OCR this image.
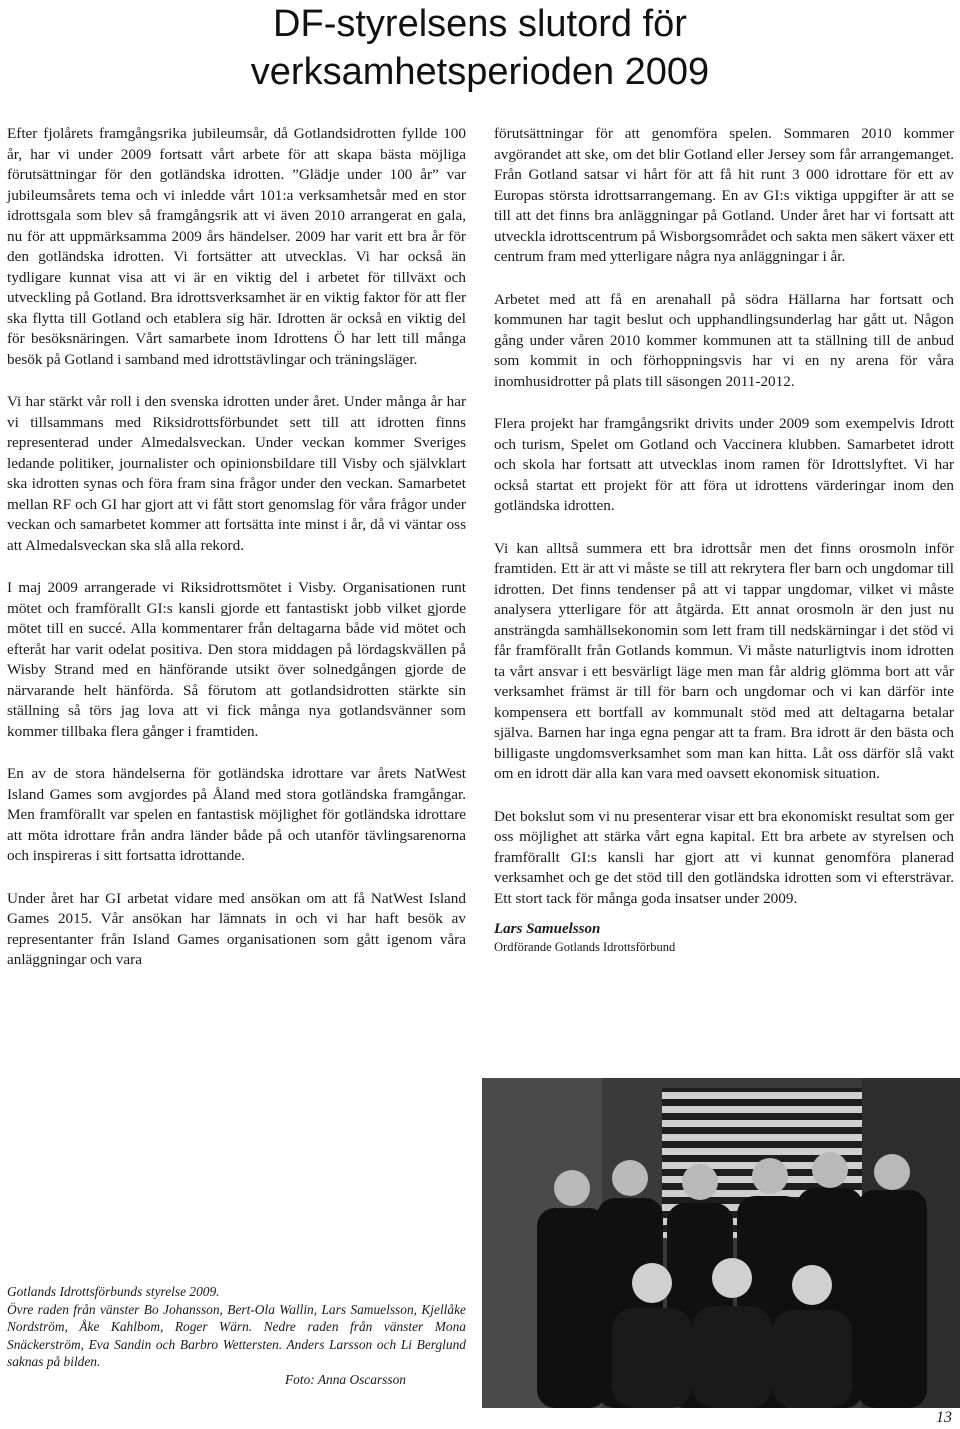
DF-styrelsens slutord för
verksamhetsperioden 2009

Efter fjolårets framgångsrika jubileumsår, då Gotlandsidrotten fyllde 100 år, har vi under 2009 fortsatt vårt arbete för att skapa bästa möjliga förutsättningar för den gotländska idrotten. ”Glädje under 100 år” var jubileumsårets tema och vi inledde vårt 101:a verksamhetsår med en stor idrottsgala som blev så framgångsrik att vi även 2010 arrangerat en gala, nu för att uppmärksamma 2009 års händelser. 2009 har varit ett bra år för den gotländska idrotten. Vi fortsätter att utvecklas. Vi har också än tydligare kunnat visa att vi är en viktig del i arbetet för tillväxt och utveckling på Gotland. Bra idrottsverksamhet är en viktig faktor för att fler ska flytta till Gotland och etablera sig här. Idrotten är också en viktig del för besöksnäringen. Vårt samarbete inom Idrottens Ö har lett till många besök på Gotland i samband med idrottstävlingar och träningsläger.

Vi har stärkt vår roll i den svenska idrotten under året. Under många år har vi tillsammans med Riksidrottsförbundet sett till att idrotten finns representerad under Almedalsveckan. Under veckan kommer Sveriges ledande politiker, journalister och opinionsbildare till Visby och självklart ska idrotten synas och föra fram sina frågor under den veckan. Samarbetet mellan RF och GI har gjort att vi fått stort genomslag för våra frågor under veckan och samarbetet kommer att fortsätta inte minst i år, då vi väntar oss att Almedalsveckan ska slå alla rekord.

I maj 2009 arrangerade vi Riksidrottsmötet i Visby. Organisationen runt mötet och framförallt GI:s kansli gjorde ett fantastiskt jobb vilket gjorde mötet till en succé. Alla kommentarer från deltagarna både vid mötet och efteråt har varit odelat positiva. Den stora middagen på lördagskvällen på Wisby Strand med en hänförande utsikt över solnedgången gjorde de närvarande helt hänförda. Så förutom att gotlandsidrotten stärkte sin ställning så törs jag lova att vi fick många nya gotlandsvänner som kommer tillbaka flera gånger i framtiden.

En av de stora händelserna för gotländska idrottare var årets NatWest Island Games som avgjordes på Åland med stora gotländska framgångar. Men framförallt var spelen en fantastisk möjlighet för gotländska idrottare att möta idrottare från andra länder både på och utanför tävlingsarenorna och inspireras i sitt fortsatta idrottande.

Under året har GI arbetat vidare med ansökan om att få NatWest Island Games 2015. Vår ansökan har lämnats in och vi har haft besök av representanter från Island Games organisationen som gått igenom våra anläggningar och vara

förutsättningar för att genomföra spelen. Sommaren 2010 kommer avgörandet att ske, om det blir Gotland eller Jersey som får arrangemanget. Från Gotland satsar vi hårt för att få hit runt 3 000 idrottare för ett av Europas största idrottsarrangemang. En av GI:s viktiga uppgifter är att se till att det finns bra anläggningar på Gotland. Under året har vi fortsatt att utveckla idrottscentrum på Wisborgsområdet och sakta men säkert växer ett centrum fram med ytterligare några nya anläggningar i år.

Arbetet med att få en arenahall på södra Hällarna har fortsatt och kommunen har tagit beslut och upphandlingsunderlag har gått ut. Någon gång under våren 2010 kommer kommunen att ta ställning till de anbud som kommit in och förhoppningsvis har vi en ny arena för våra inomhusidrotter på plats till säsongen 2011-2012.

Flera projekt har framgångsrikt drivits under 2009 som exempelvis Idrott och turism, Spelet om Gotland och Vaccinera klubben. Samarbetet idrott och skola har fortsatt att utvecklas inom ramen för Idrottslyftet. Vi har också startat ett projekt för att föra ut idrottens värderingar inom den gotländska idrotten.

Vi kan alltså summera ett bra idrottsår men det finns orosmoln inför framtiden. Ett är att vi måste se till att rekrytera fler barn och ungdomar till idrotten. Det finns tendenser på att vi tappar ungdomar, vilket vi måste analysera ytterligare för att åtgärda. Ett annat orosmoln är den just nu ansträngda samhällsekonomin som lett fram till nedskärningar i det stöd vi får framförallt från Gotlands kommun. Vi måste naturligtvis inom idrotten ta vårt ansvar i ett besvärligt läge men man får aldrig glömma bort att vår verksamhet främst är till för barn och ungdomar och vi kan därför inte kompensera ett bortfall av kommunalt stöd med att deltagarna betalar själva. Barnen har inga egna pengar att ta fram. Bra idrott är den bästa och billigaste ungdomsverksamhet som man kan hitta. Låt oss därför slå vakt om en idrott där alla kan vara med oavsett ekonomisk situation.

Det bokslut som vi nu presenterar visar ett bra ekonomiskt resultat som ger oss möjlighet att stärka vårt egna kapital. Ett bra arbete av styrelsen och framförallt GI:s kansli har gjort att vi kunnat genomföra planerad verksamhet och ge det stöd till den gotländska idrotten som vi eftersträvar. Ett stort tack för många goda insatser under 2009.

Lars Samuelsson
Ordförande Gotlands Idrottsförbund
Gotlands Idrottsförbunds styrelse 2009.
Övre raden från vänster Bo Johansson, Bert-Ola Wallin, Lars Samuelsson, Kjellåke Nordström, Åke Kahlbom, Roger Wärn. Nedre raden från vänster Mona Snäckerström, Eva Sandin och Barbro Wettersten. Anders Larsson och Li Berglund saknas på bilden.
Foto: Anna Oscarsson
13
